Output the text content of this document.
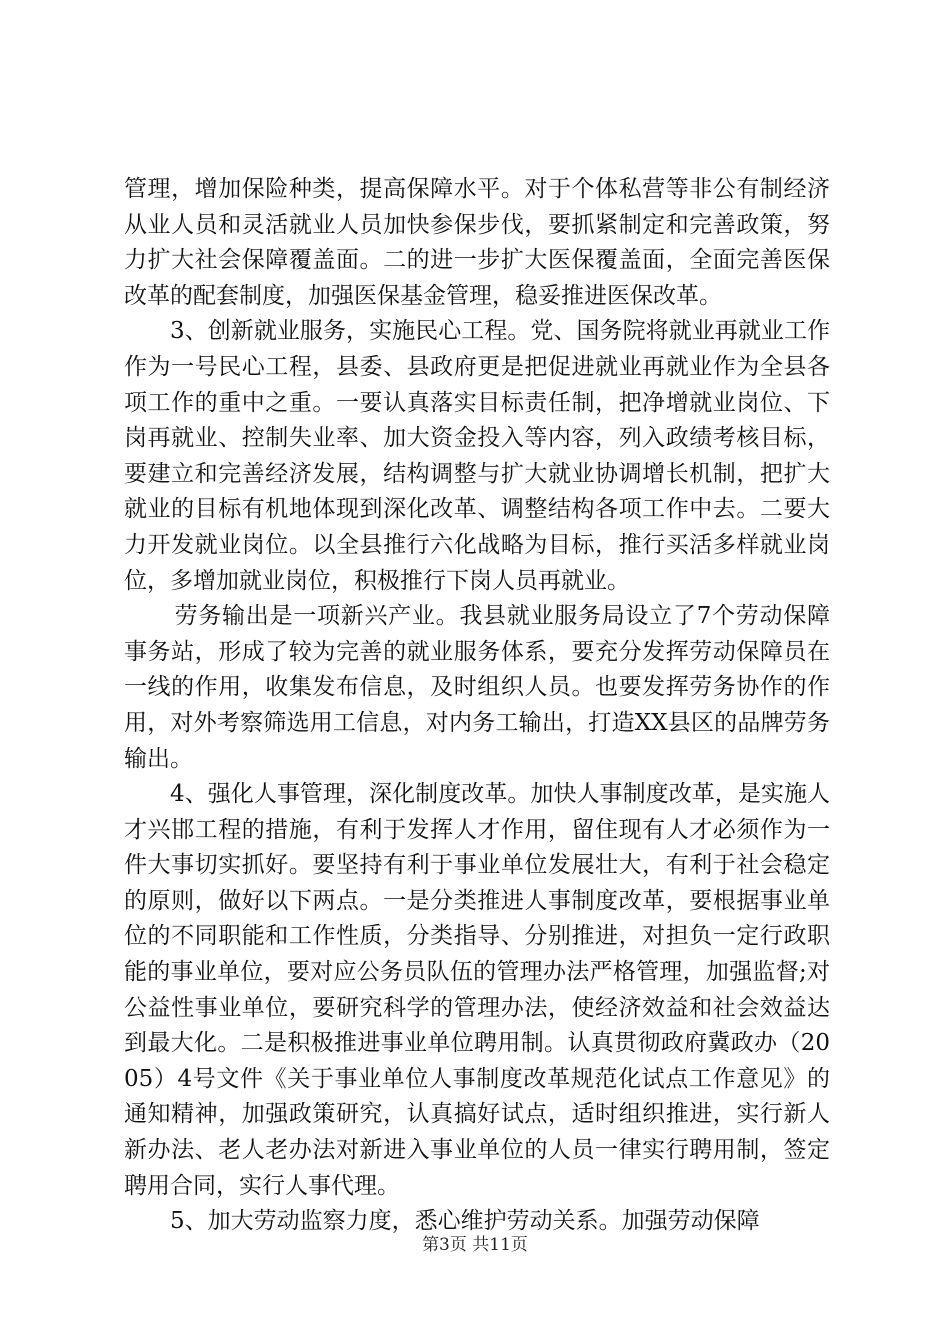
管理，增加保险种类，提高保障水平。对于个体私营等非公有制经济从业人员和灵活就业人员加快参保步伐，要抓紧制定和完善政策，努力扩大社会保障覆盖面。二的进一步扩大医保覆盖面，全面完善医保改革的配套制度，加强医保基金管理，稳妥推进医保改革。

3、创新就业服务，实施民心工程。党、国务院将就业再就业工作作为一号民心工程，县委、县政府更是把促进就业再就业作为全县各项工作的重中之重。一要认真落实目标责任制，把净增就业岗位、下岗再就业、控制失业率、加大资金投入等内容，列入政绩考核目标，要建立和完善经济发展，结构调整与扩大就业协调增长机制，把扩大就业的目标有机地体现到深化改革、调整结构各项工作中去。二要大力开发就业岗位。以全县推行六化战略为目标，推行买活多样就业岗位，多增加就业岗位，积极推行下岗人员再就业。

劳务输出是一项新兴产业。我县就业服务局设立了7个劳动保障事务站，形成了较为完善的就业服务体系，要充分发挥劳动保障员在一线的作用，收集发布信息，及时组织人员。也要发挥劳务协作的作用，对外考察筛选用工信息，对内务工输出，打造XX县区的品牌劳务输出。

4、强化人事管理，深化制度改革。加快人事制度改革，是实施人才兴邯工程的措施，有利于发挥人才作用，留住现有人才必须作为一件大事切实抓好。要坚持有利于事业单位发展壮大，有利于社会稳定的原则，做好以下两点。一是分类推进人事制度改革，要根据事业单位的不同职能和工作性质，分类指导、分别推进，对担负一定行政职能的事业单位，要对应公务员队伍的管理办法严格管理，加强监督;对公益性事业单位，要研究科学的管理办法，使经济效益和社会效益达到最大化。二是积极推进事业单位聘用制。认真贯彻政府冀政办（2005）4号文件《关于事业单位人事制度改革规范化试点工作意见》的通知精神，加强政策研究，认真搞好试点，适时组织推进，实行新人新办法、老人老办法对新进入事业单位的人员一律实行聘用制，签定聘用合同，实行人事代理。

5、加大劳动监察力度，悉心维护劳动关系。加强劳动保障

第3页 共11页
